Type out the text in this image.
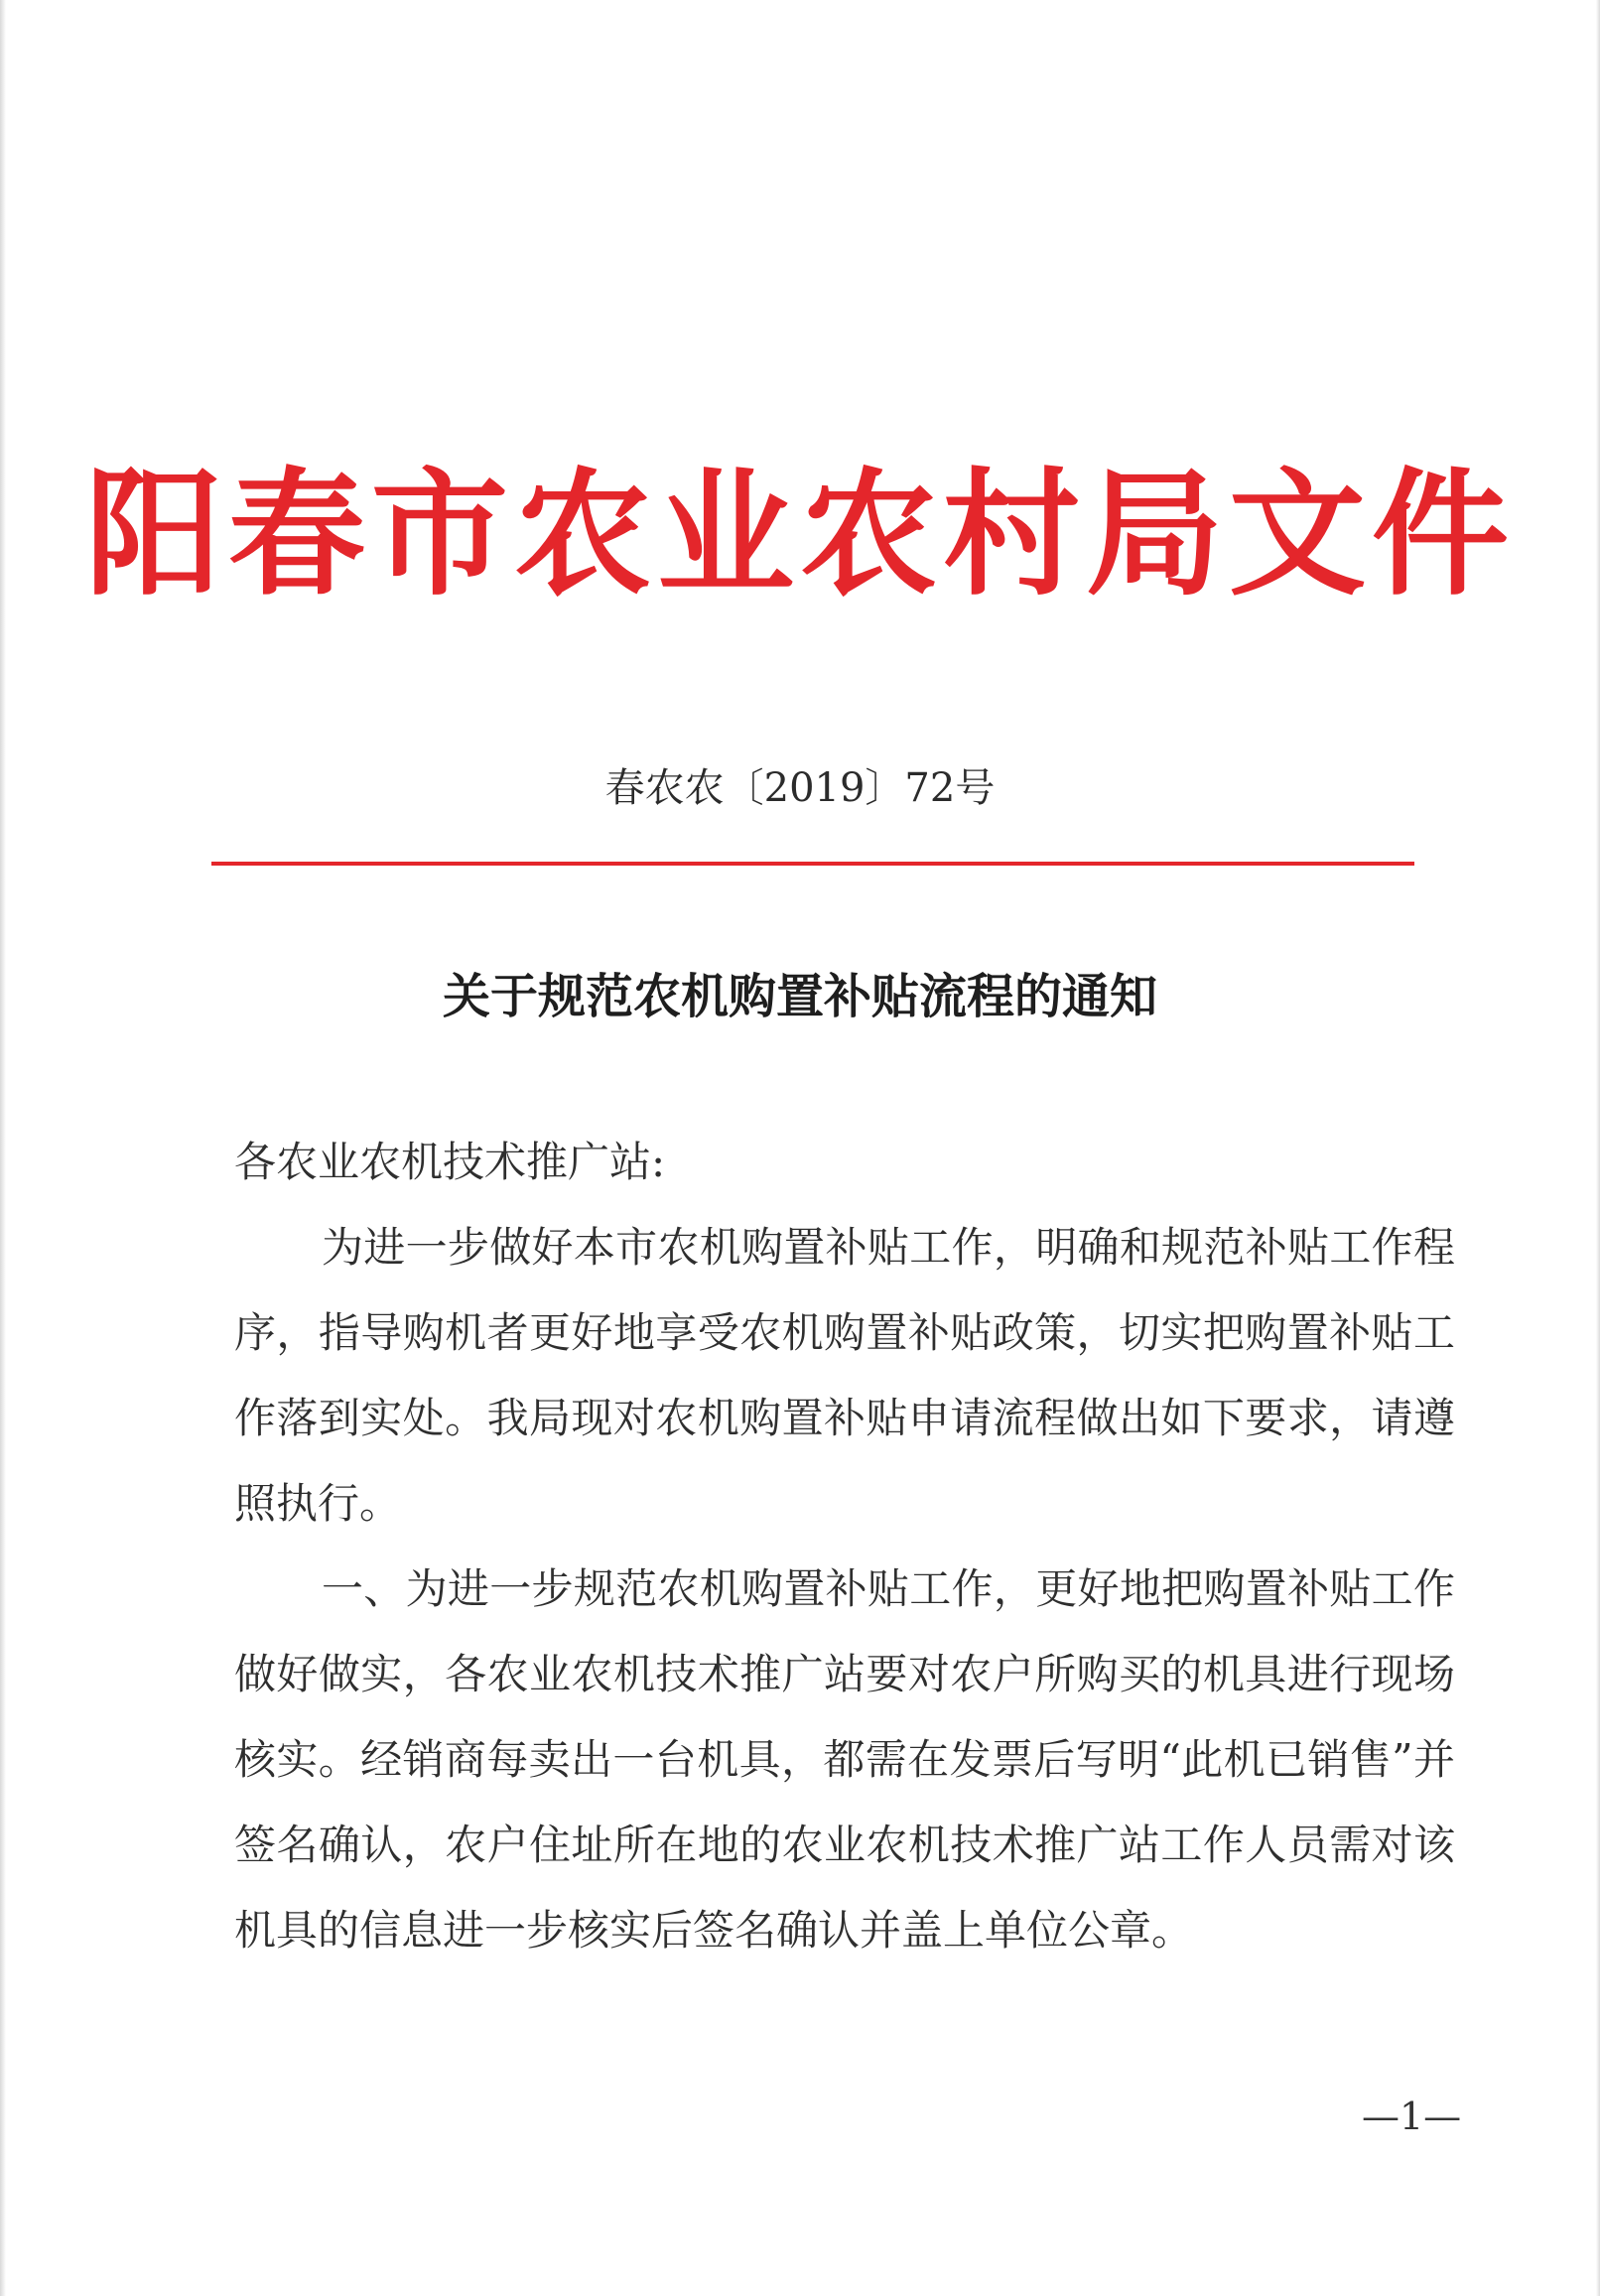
阳春市农业农村局文件
春农农〔2019〕72号
关于规范农机购置补贴流程的通知

各农业农机技术推广站:

为进一步做好本市农机购置补贴工作，明确和规范补贴工作程序，指导购机者更好地享受农机购置补贴政策，切实把购置补贴工作落到实处。我局现对农机购置补贴申请流程做出如下要求，请遵照执行。

一、为进一步规范农机购置补贴工作，更好地把购置补贴工作做好做实，各农业农机技术推广站要对农户所购买的机具进行现场核实。经销商每卖出一台机具，都需在发票后写明“此机已销售”并签名确认，农户住址所在地的农业农机技术推广站工作人员需对该机具的信息进一步核实后签名确认并盖上单位公章。

—1—
